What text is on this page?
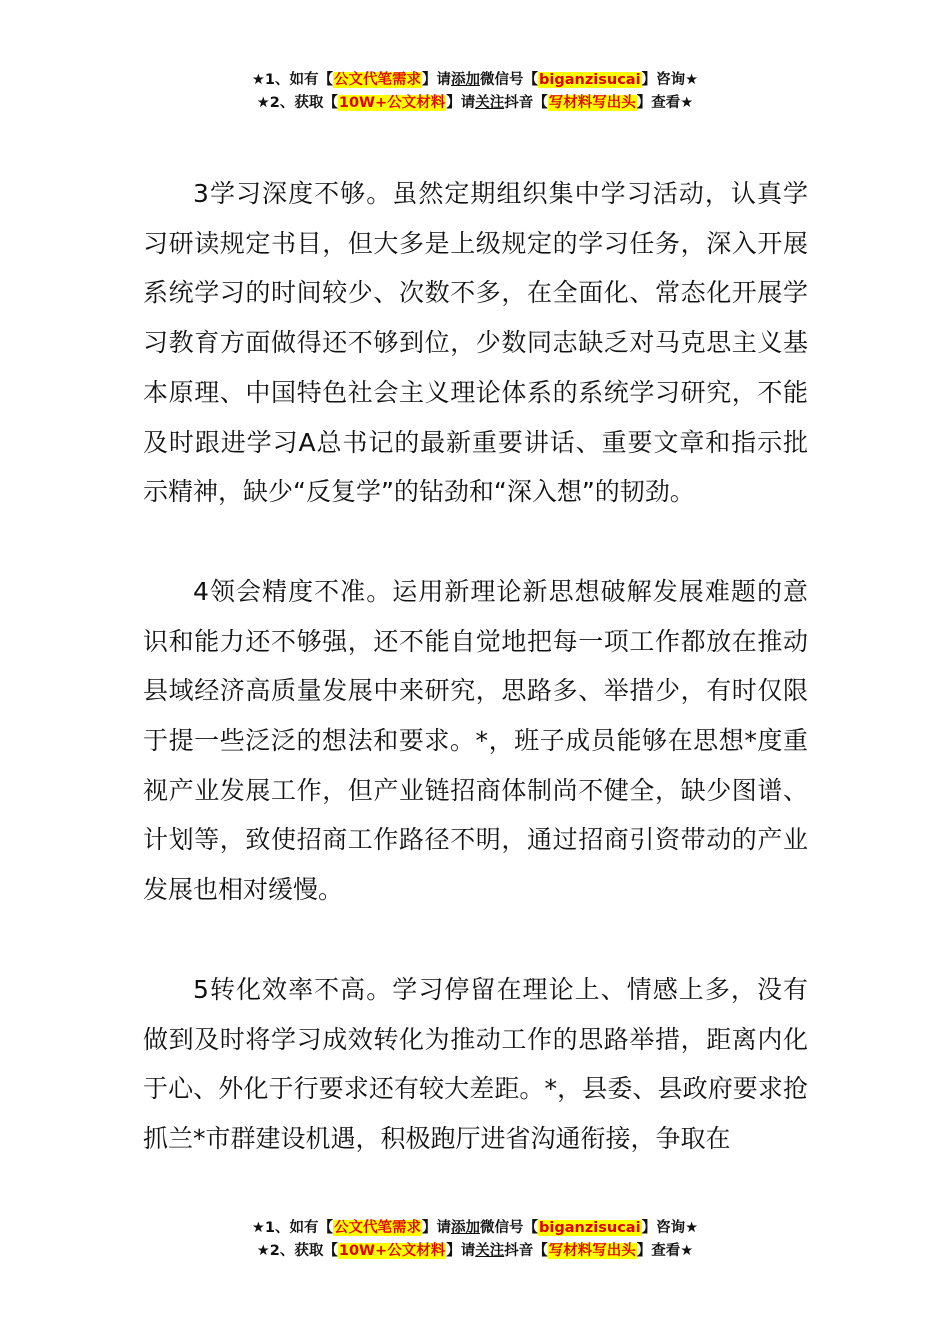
★1、如有【公文代笔需求】请添加微信号【biganzisucai】咨询★
★2、获取【10W+公文材料】请关注抖音【写材料写出头】查看★

3学习深度不够。虽然定期组织集中学习活动，认真学习研读规定书目，但大多是上级规定的学习任务，深入开展系统学习的时间较少、次数不多，在全面化、常态化开展学习教育方面做得还不够到位，少数同志缺乏对马克思主义基本原理、中国特色社会主义理论体系的系统学习研究，不能及时跟进学习A总书记的最新重要讲话、重要文章和指示批示精神，缺少“反复学”的钻劲和“深入想”的韧劲。

4领会精度不准。运用新理论新思想破解发展难题的意识和能力还不够强，还不能自觉地把每一项工作都放在推动县域经济高质量发展中来研究，思路多、举措少，有时仅限于提一些泛泛的想法和要求。*，班子成员能够在思想*度重视产业发展工作，但产业链招商体制尚不健全，缺少图谱、计划等，致使招商工作路径不明，通过招商引资带动的产业发展也相对缓慢。

5转化效率不高。学习停留在理论上、情感上多，没有做到及时将学习成效转化为推动工作的思路举措，距离内化于心、外化于行要求还有较大差距。*，县委、县政府要求抢抓兰*市群建设机遇，积极跑厅进省沟通衔接，争取在

★1、如有【公文代笔需求】请添加微信号【biganzisucai】咨询★
★2、获取【10W+公文材料】请关注抖音【写材料写出头】查看★
